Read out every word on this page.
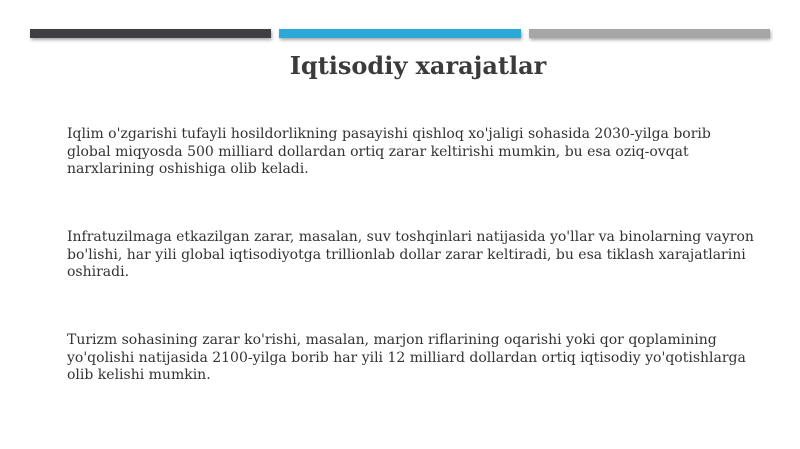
Iqtisodiy xarajatlar

Iqlim o'zgarishi tufayli hosildorlikning pasayishi qishloq xo'jaligi sohasida 2030-yilga borib global miqyosda 500 milliard dollardan ortiq zarar keltirishi mumkin, bu esa oziq-ovqat narxlarining oshishiga olib keladi.

Infratuzilmaga etkazilgan zarar, masalan, suv toshqinlari natijasida yo'llar va binolarning vayron bo'lishi, har yili global iqtisodiyotga trillionlab dollar zarar keltiradi, bu esa tiklash xarajatlarini oshiradi.

Turizm sohasining zarar ko'rishi, masalan, marjon riflarining oqarishi yoki qor qoplamining yo'qolishi natijasida 2100-yilga borib har yili 12 milliard dollardan ortiq iqtisodiy yo'qotishlarga olib kelishi mumkin.
